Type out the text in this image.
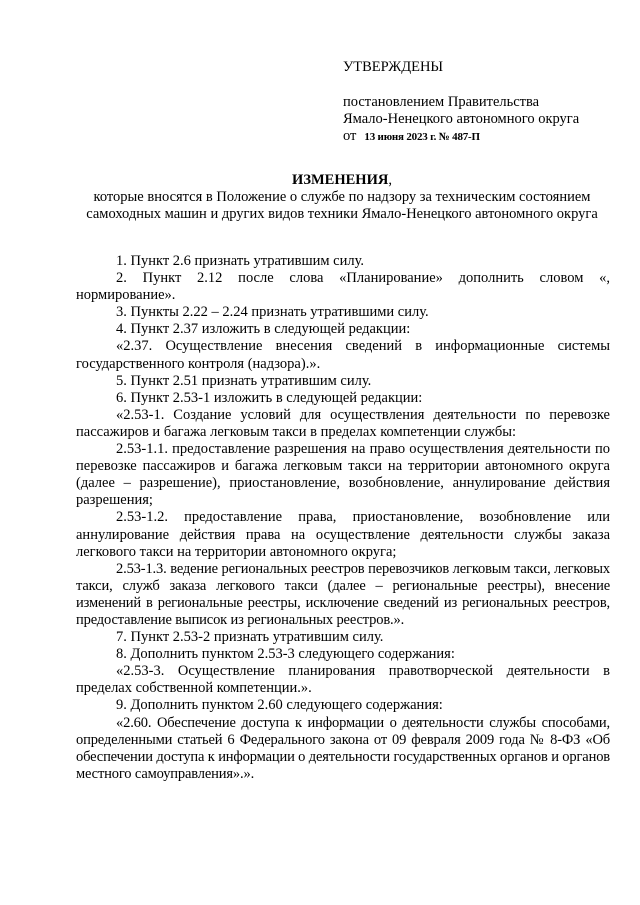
УТВЕРЖДЕНЫ
постановлением Правительства
Ямало-Ненецкого автономного округа
от 13 июня 2023 г. № 487-П
ИЗМЕНЕНИЯ,
которые вносятся в Положение о службе по надзору за техническим состоянием самоходных машин и других видов техники Ямало-Ненецкого автономного округа

1. Пункт 2.6 признать утратившим силу.

2. Пункт 2.12 после слова «Планирование» дополнить словом «, нормирование».

3. Пункты 2.22 – 2.24 признать утратившими силу.

4. Пункт 2.37 изложить в следующей редакции:

«2.37. Осуществление внесения сведений в информационные системы государственного контроля (надзора).».

5. Пункт 2.51 признать утратившим силу.

6. Пункт 2.53-1 изложить в следующей редакции:

«2.53-1. Создание условий для осуществления деятельности по перевозке пассажиров и багажа легковым такси в пределах компетенции службы:

2.53-1.1. предоставление разрешения на право осуществления деятельности по перевозке пассажиров и багажа легковым такси на территории автономного округа (далее – разрешение), приостановление, возобновление, аннулирование действия разрешения;

2.53-1.2. предоставление права, приостановление, возобновление или аннулирование действия права на осуществление деятельности службы заказа легкового такси на территории автономного округа;

2.53-1.3. ведение региональных реестров перевозчиков легковым такси, легковых такси, служб заказа легкового такси (далее – региональные реестры), внесение изменений в региональные реестры, исключение сведений из региональных реестров, предоставление выписок из региональных реестров.».

7. Пункт 2.53-2 признать утратившим силу.

8. Дополнить пунктом 2.53-3 следующего содержания:

«2.53-3. Осуществление планирования правотворческой деятельности в пределах собственной компетенции.».

9. Дополнить пунктом 2.60 следующего содержания:

«2.60. Обеспечение доступа к информации о деятельности службы способами, определенными статьей 6 Федерального закона от 09 февраля 2009 года № 8-ФЗ «Об обеспечении доступа к информации о деятельности государственных органов и органов местного самоуправления».».
